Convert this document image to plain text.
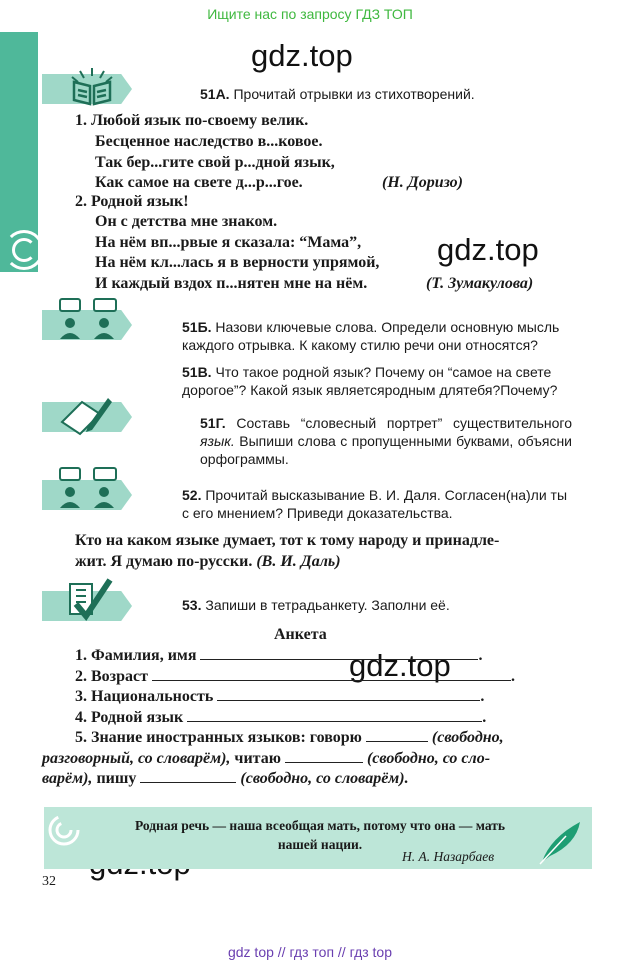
Ищите нас по запросу ГДЗ ТОП
gdz.top
gdz.top
gdz.top
51А. Прочитай отрывки из стихотворений.
1. Любой язык по-своему велик.
Бесценное наследство в...ковое.
Так бер...гите свой р...дной язык,
Как самое на свете д...р...гое.	(Н. Доризо)
2. Родной язык!
Он с детства мне знаком.
На нём вп...рвые я сказала: “Мама”,
На нём кл...лась я в верности упрямой,
И каждый вздох п...нятен мне на нём.	(Т. Зумакулова)
51Б. Назови ключевые слова. Определи основную мысль каждого отрывка. К какому стилю речи они относятся?
51В. Что такое родной язык? Почему он “самое на свете дорогое”? Какой язык являетсяродным длятебя?Почему?
51Г. Составь “словесный портрет” существительного язык. Выпиши слова с пропущенными буквами, объясни орфограммы.
52. Прочитай высказывание В. И. Даля. Согласен(на)ли ты с его мнением? Приведи доказательства.
Кто на каком языке думает, тот к тому народу и принадле-
жит. Я думаю по-русски. (В. И. Даль)
53. Запиши в тетрадьанкету. Заполни её.
Анкета
1. Фамилия, имя	.
2. Возраст	.
3. Национальность	.
4. Родной язык	.
5. Знание иностранных языков: говорю	(свободно,
разговорный, со словарём), читаю	(свободно, со сло-
варём), пишу	(свободно, со словарём).
Родная речь — наша всеобщая мать, потому что она — мать
нашей нации.
Н. А. Назарбаев
32
gdz top // гдз топ // гдз top
